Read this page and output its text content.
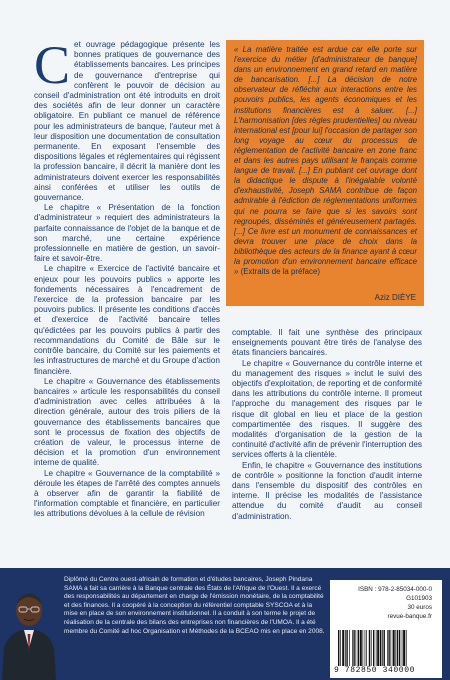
Cet ouvrage pédagogique présente les bonnes pratiques de gouvernance des établissements bancaires. Les principes de gouvernance d'entreprise qui confèrent le pouvoir de décision au conseil d'administration ont été introduits en droit des sociétés afin de leur donner un caractère obligatoire. En publiant ce manuel de référence pour les administrateurs de banque, l'auteur met à leur disposition une documentation de consultation permanente. En exposant l'ensemble des dispositions légales et réglementaires qui régissent la profession bancaire, il décrit la manière dont les administrateurs doivent exercer les responsabilités ainsi conférées et utiliser les outils de gouvernance.

Le chapitre « Présentation de la fonction d'administrateur » requiert des administrateurs la parfaite connaissance de l'objet de la banque et de son marché, une certaine expérience professionnelle en matière de gestion, un savoir-faire et savoir-être.

Le chapitre « Exercice de l'activité bancaire et enjeux pour les pouvoirs publics » apporte les fondements nécessaires à l'encadrement de l'exercice de la profession bancaire par les pouvoirs publics. Il présente les conditions d'accès et d'exercice de l'activité bancaire telles qu'édictées par les pouvoirs publics à partir des recommandations du Comité de Bâle sur le contrôle bancaire, du Comité sur les paiements et les infrastructures de marché et du Groupe d'action financière.

Le chapitre « Gouvernance des établissements bancaires » articule les responsabilités du conseil d'administration avec celles attribuées à la direction générale, autour des trois piliers de la gouvernance des établissements bancaires que sont le processus de fixation des objectifs de création de valeur, le processus interne de décision et la promotion d'un environnement interne de qualité.

Le chapitre « Gouvernance de la comptabilité » déroule les étapes de l'arrêté des comptes annuels à observer afin de garantir la fiabilité de l'information comptable et financière, en particulier les attributions dévolues à la cellule de révision

« La matière traitée est ardue car elle porte sur l'exercice du métier [d'administrateur de banque] dans un environnement en grand retard en matière de bancarisation. [...] La décision de notre observateur de réfléchir aux interactions entre les pouvoirs publics, les agents économiques et les institutions financières est à saluer. [...] L'harmonisation [des règles prudentielles] ou niveau international est [pour lui] l'occasion de partager son long voyage au cœur du processus de réglementation de l'activité bancaire en zone franc et dans les autres pays utilisant le français comme langue de travail. [...] En publiant cet ouvrage dont la didactique le dispute à l'inégalable volonté d'exhaustivité, Joseph SAMA contribue de façon admirable à l'édiction de réglementations uniformes qui ne pourra se faire que si les savoirs sont regroupés, disséminés et généreusement partagés. [...] Ce livre est un monument de connaissances et devra trouver une place de choix dans la bibliothèque des acteurs de la finance ayant à cœur la promotion d'un environnement bancaire efficace » (Extraits de la préface)

Aziz DIÈYE

comptable. Il fait une synthèse des principaux enseignements pouvant être tirés de l'analyse des états financiers bancaires.

Le chapitre « Gouvernance du contrôle interne et du management des risques » inclut le suivi des objectifs d'exploitation, de reporting et de conformité dans les attributions du contrôle interne. Il promeut l'approche du management des risques par le risque dit global en lieu et place de la gestion compartimentée des risques. Il suggère des modalités d'organisation de la gestion de la continuité d'activité afin de prévenir l'interruption des services offerts à la clientèle.

Enfin, le chapitre « Gouvernance des institutions de contrôle » positionne la fonction d'audit interne dans l'ensemble du dispositif des contrôles en interne. Il précise les modalités de l'assistance attendue du comité d'audit au conseil d'administration.

Diplômé du Centre ouest-africain de formation et d'études bancaires, Joseph Pindana SAMA a fait sa carrière à la Banque centrale des États de l'Afrique de l'Ouest. Il a exercé des responsabilités au département en charge de l'émission monétaire, de la comptabilité et des finances. Il a coopéré à la conception du référentiel comptable SYSCOA et à la mise en place de son environnement institutionnel. Il a conduit à son terme le projet de réalisation de la centrale des bilans des entreprises non financières de l'UMOA. Il a été membre du Comité ad hoc Organisation et Méthodes de la BCEAO mis en place en 2008.
ISBN : 978-2-85034-000-0
G101903
30 euros
revue-banque.fr
9 782850 340000
